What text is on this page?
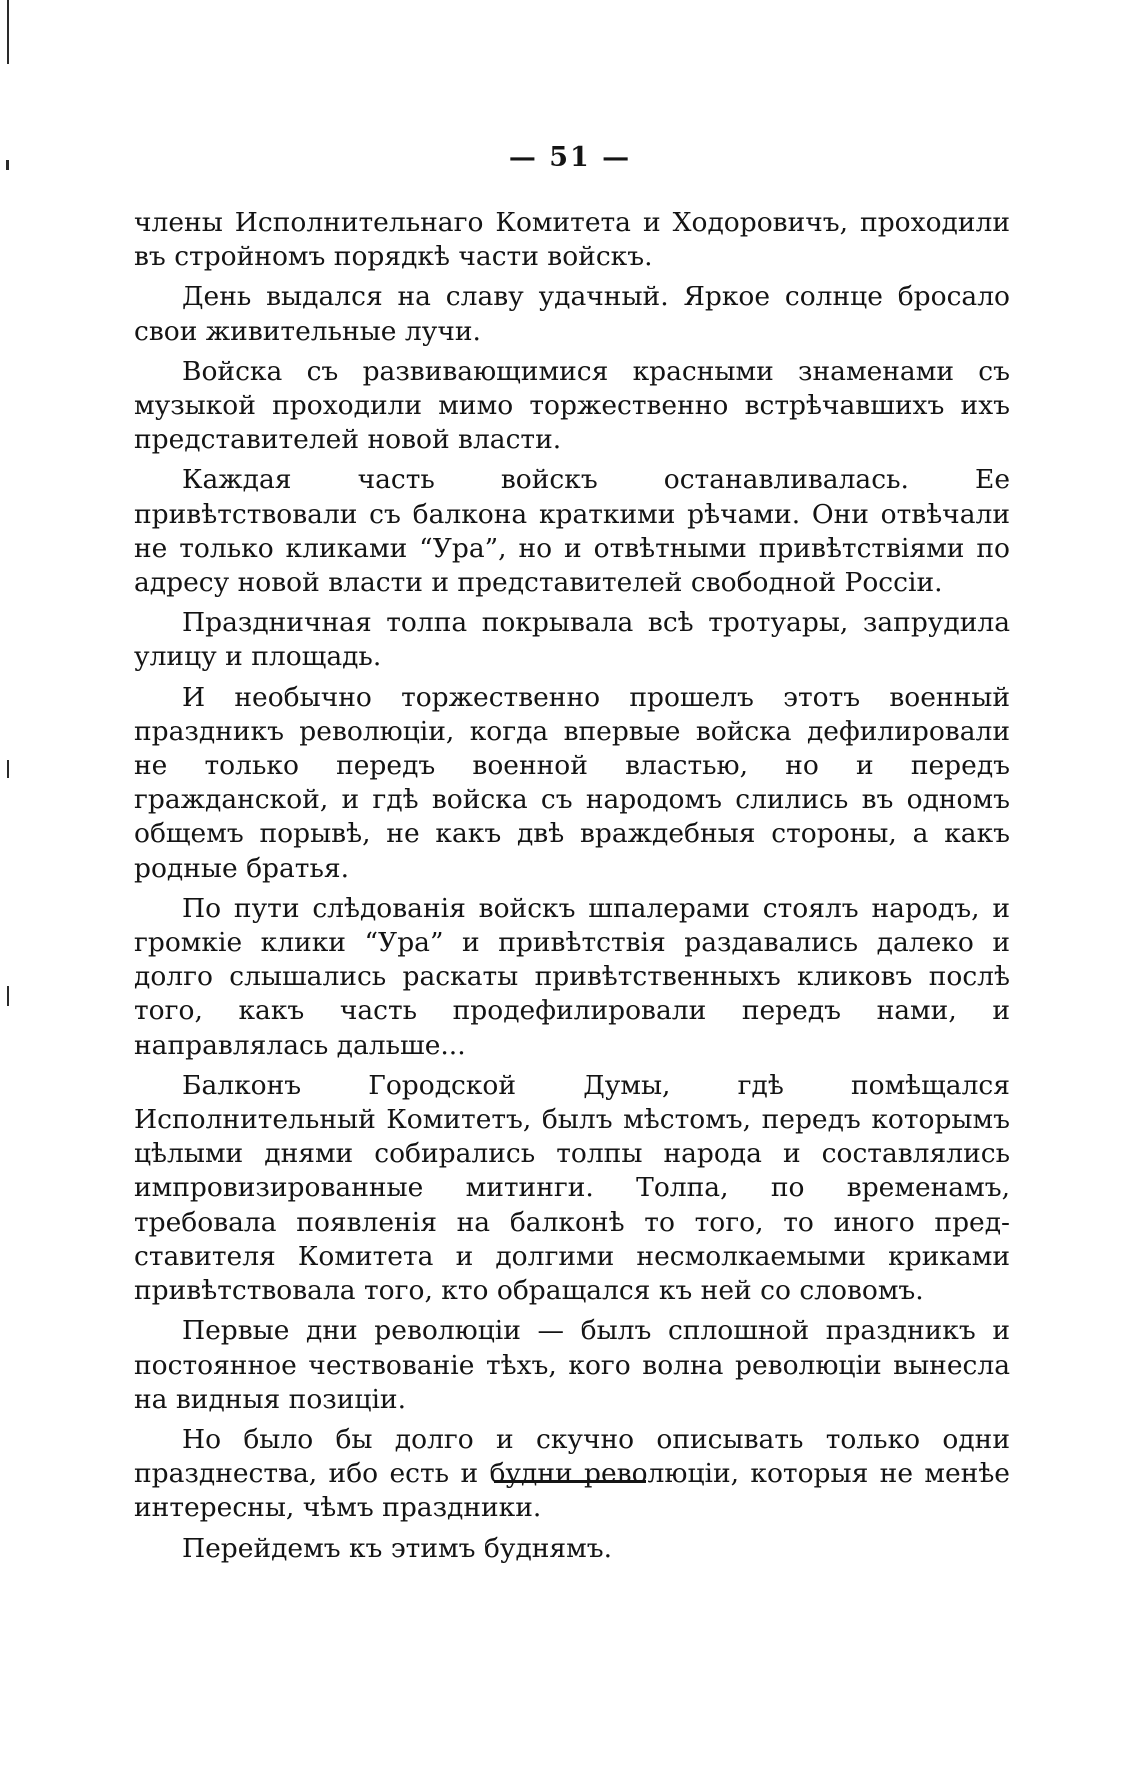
— 51 —

члены Исполнительнаго Комитета и Ходоровичъ, проходили въ стройномъ порядкѣ части войскъ.

День выдался на славу удачный. Яркое солнце бросало свои живительные лучи.

Войска съ развивающимися красными знаменами съ музыкой проходили мимо торжественно встрѣчавшихъ ихъ представителей новой власти.

Каждая часть войскъ останавливалась. Ее привѣтствовали съ балкона краткими рѣчами. Они отвѣчали не только кликами “Ура”, но и отвѣтными привѣтствіями по адресу новой власти и представителей свободной Россіи.

Праздничная толпа покрывала всѣ тротуары, запрудила улицу и площадь.

И необычно торжественно прошелъ этотъ военный праздникъ революціи, когда впервые войска дефилировали не только передъ военной властью, но и передъ гражданской, и гдѣ войска съ народомъ слились въ одномъ общемъ порывѣ, не какъ двѣ враждебныя стороны, а какъ родные братья.

По пути слѣдованія войскъ шпалерами стоялъ народъ, и громкіе клики “Ура” и привѣтствія раздавались далеко и долго слышались раскаты привѣтственныхъ кликовъ послѣ того, какъ часть продефилировали передъ нами, и направлялась дальше...

Балконъ Городской Думы, гдѣ помѣщался Исполнительный Комитетъ, былъ мѣстомъ, передъ которымъ цѣлыми днями собирались толпы народа и составлялись импровизированные митинги. Толпа, по временамъ, требовала появленія на балконѣ то того, то иного представителя Комитета и долгими несмолкаемыми криками привѣтствовала того, кто обращался къ ней со словомъ.

Первые дни революціи — былъ сплошной праздникъ и постоянное чествованіе тѣхъ, кого волна революціи вынесла на видныя позиціи.

Но было бы долго и скучно описывать только одни празднества, ибо есть и будни революціи, которыя не менѣе интересны, чѣмъ праздники.

Перейдемъ къ этимъ буднямъ.
